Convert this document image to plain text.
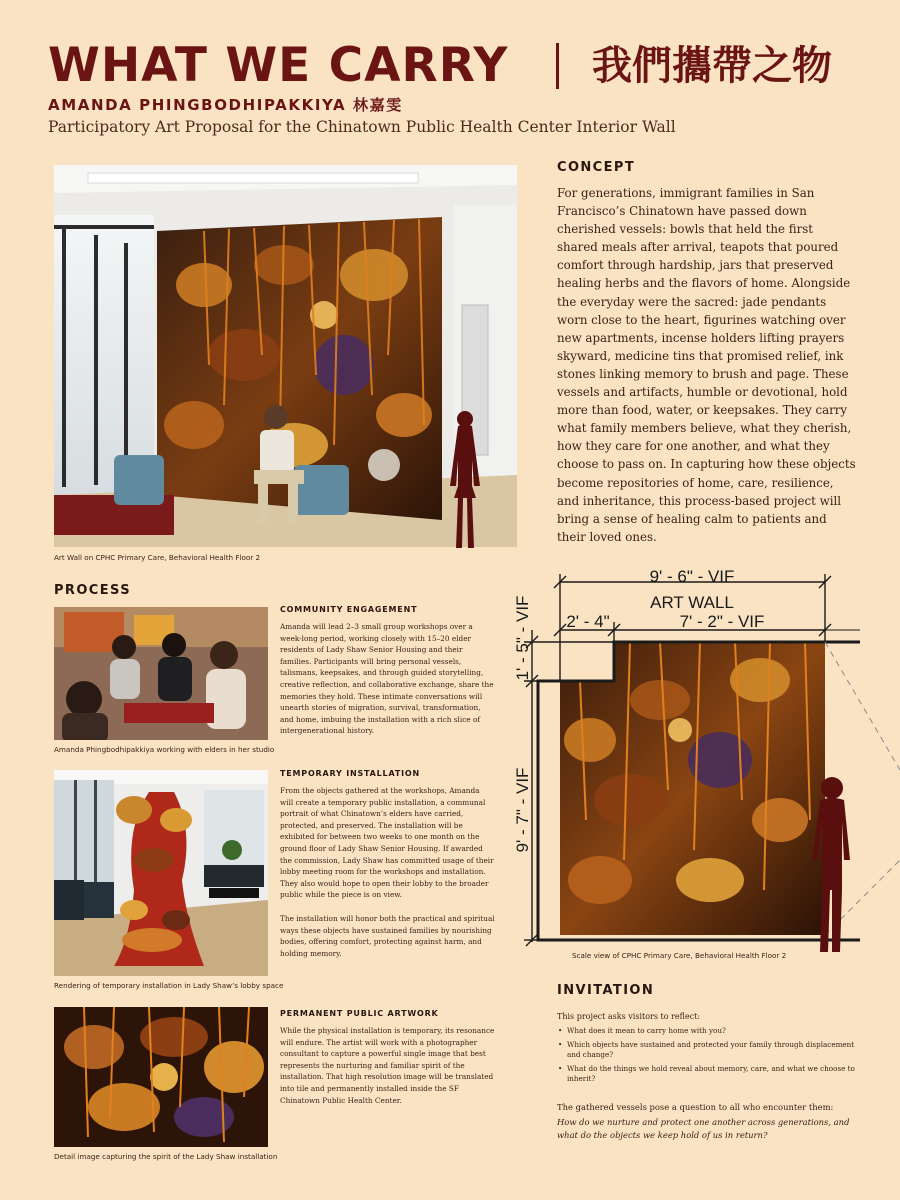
WHAT WE CARRY 我們攜帶之物
AMANDA PHINGBODHIPAKKIYA 林嘉雯
Participatory Art Proposal for the Chinatown Public Health Center Interior Wall
Art Wall on CPHC Primary Care, Behavioral Health Floor 2
CONCEPT
For generations, immigrant families in San Francisco’s Chinatown have passed down cherished vessels: bowls that held the first shared meals after arrival, teapots that poured comfort through hardship, jars that preserved healing herbs and the flavors of home. Alongside the everyday were the sacred: jade pendants worn close to the heart, figurines watching over new apartments, incense holders lifting prayers skyward, medicine tins that promised relief, ink stones linking memory to brush and page. These vessels and artifacts, humble or devotional, hold more than food, water, or keepsakes. They carry what family members believe, what they cherish, how they care for one another, and what they choose to pass on. In capturing how these objects become repositories of home, care, resilience, and inheritance, this process-based project will bring a sense of healing calm to patients and their loved ones.
PROCESS
Amanda Phingbodhipakkiya working with elders in her studio
COMMUNITY ENGAGEMENT
Amanda will lead 2–3 small group workshops over a week-long period, working closely with 15–20 elder residents of Lady Shaw Senior Housing and their families. Participants will bring personal vessels, talismans, keepsakes, and through guided storytelling, creative reflection, and collaborative exchange, share the memories they hold. These intimate conversations will unearth stories of migration, survival, transformation, and home, imbuing the installation with a rich slice of intergenerational history.
Rendering of temporary installation in Lady Shaw’s lobby space
TEMPORARY INSTALLATION
From the objects gathered at the workshops, Amanda will create a temporary public installation, a communal portrait of what Chinatown’s elders have carried, protected, and preserved. The installation will be exhibited for between two weeks to one month on the ground floor of Lady Shaw Senior Housing. If awarded the commission, Lady Shaw has committed usage of their lobby meeting room for the workshops and installation. They also would hope to open their lobby to the broader public while the piece is on view.
The installation will honor both the practical and spiritual ways these objects have sustained families by nourishing bodies, offering comfort, protecting against harm, and holding memory.
Detail image capturing the spirit of the Lady Shaw installation
PERMANENT PUBLIC ARTWORK
While the physical installation is temporary, its resonance will endure. The artist will work with a photographer consultant to capture a powerful single image that best represents the nurturing and familiar spirit of the installation. That high resolution image will be translated into tile and permanently installed inside the SF Chinatown Public Health Center.
9' - 6" - VIF
ART WALL
2' - 4"	7' - 2" - VIF
1' - 5" - VIF
9' - 7" - VIF
Scale view of CPHC Primary Care, Behavioral Health Floor 2
INVITATION
This project asks visitors to reflect:
• What does it mean to carry home with you?
• Which objects have sustained and protected your family through displacement and change?
• What do the things we hold reveal about memory, care, and what we choose to inherit?
The gathered vessels pose a question to all who encounter them:
How do we nurture and protect one another across generations, and what do the objects we keep hold of us in return?
